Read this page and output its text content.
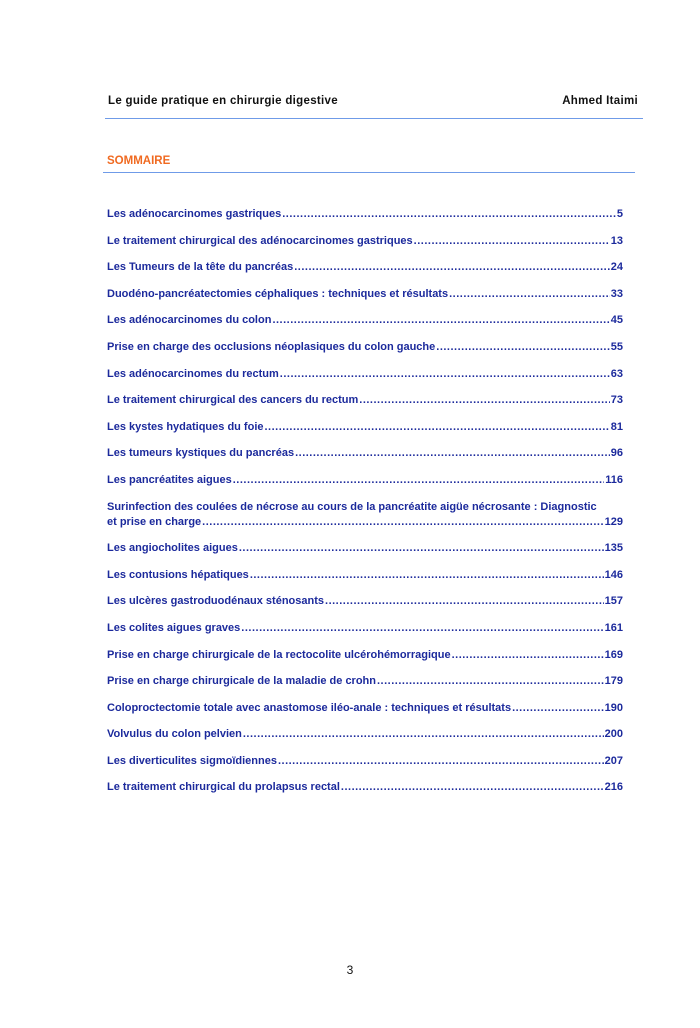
Le guide pratique en chirurgie digestive	Ahmed Itaimi
SOMMAIRE
Les adénocarcinomes gastriques .....	5
Le traitement chirurgical des adénocarcinomes gastriques .....	13
Les Tumeurs de la tête du pancréas .....	24
Duodéno-pancréatectomies céphaliques : techniques et résultats .....	33
Les adénocarcinomes du colon .....	45
Prise en charge des occlusions néoplasiques du colon gauche .....	55
Les adénocarcinomes du rectum .....	63
Le traitement chirurgical des cancers du rectum .....	73
Les kystes hydatiques du foie .....	81
Les tumeurs kystiques du pancréas .....	96
Les pancréatites aigues .....	116
Surinfection des coulées de nécrose au cours de la pancréatite aigüe nécrosante : Diagnostic
et prise en charge .....	129
Les angiocholites aigues .....	135
Les contusions hépatiques .....	146
Les ulcères gastroduodénaux sténosants .....	157
Les colites aigues graves .....	161
Prise en charge chirurgicale de la rectocolite ulcérohémorragique .....	169
Prise en charge chirurgicale de la maladie de crohn .....	179
Coloproctectomie totale avec anastomose iléo-anale : techniques et résultats .....	190
Volvulus du colon pelvien .....	200
Les diverticulites sigmoïdiennes .....	207
Le traitement chirurgical du prolapsus rectal .....	216
3
